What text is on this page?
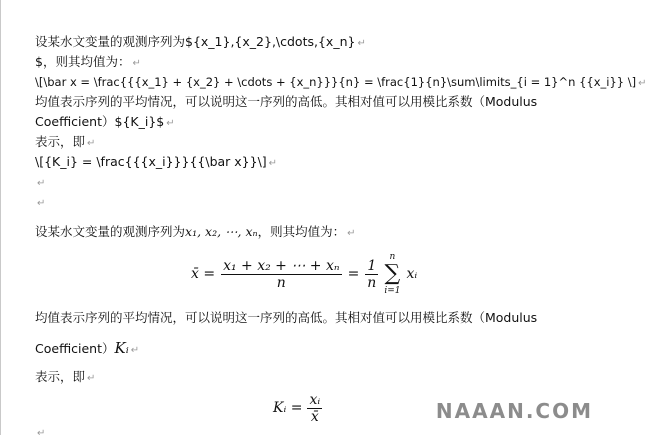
设某水文变量的观测序列为${x_1},{x_2},\cdots,{x_n} ↵
$，则其均值为： ↵
\[\bar x = \frac{{{x_1} + {x_2} + \cdots + {x_n}}}{n} = \frac{1}{n}\sum\limits_{i = 1}^n {{x_i}} \] ↵
均值表示序列的平均情况，可以说明这一序列的高低。其相对值可以用模比系数（Modulus
Coefficient）${K_i}$ ↵
表示，即 ↵
\[{K_i} = \frac{{{x_i}}}{{\bar x}}\] ↵
↵
↵
设某水文变量的观测序列为x₁, x₂, ⋯, xₙ，则其均值为： ↵
x̄ = $\frac{\text{x₁ + x₂ + ⋯ + xₙ}}{n} = \frac{1}{n}$
n
∑
i=1
xᵢ
均值表示序列的平均情况，可以说明这一序列的高低。其相对值可以用模比系数（Modulus
Coefficient）Kᵢ ↵
表示，即 ↵
Kᵢ = $\frac{\text{xᵢ}}{x̄}$
↵
NAAAN.COM
